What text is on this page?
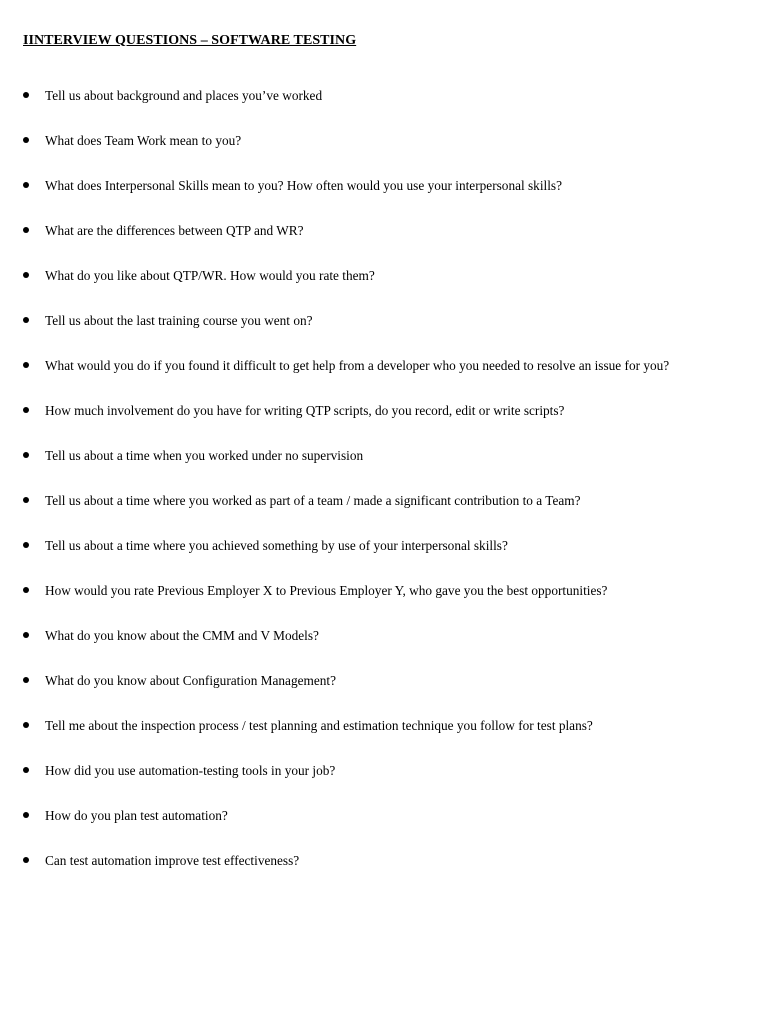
IINTERVIEW QUESTIONS – SOFTWARE TESTING
Tell us about background and places you’ve worked
What does Team Work mean to you?
What does Interpersonal Skills mean to you? How often would you use your interpersonal skills?
What are the differences between QTP and WR?
What do you like about QTP/WR. How would you rate them?
Tell us about the last training course you went on?
What would you do if you found it difficult to get help from a developer who you needed to resolve an issue for you?
How much involvement do you have for writing QTP scripts, do you record, edit or write scripts?
Tell us about a time when you worked under no supervision
Tell us about a time where you worked as part of a team / made a significant contribution to a Team?
Tell us about a time where you achieved something by use of your interpersonal skills?
How would you rate Previous Employer X to Previous Employer Y, who gave you the best opportunities?
What do you know about the CMM and V Models?
What do you know about Configuration Management?
Tell me about the inspection process / test planning and estimation technique you follow for test plans?
How did you use automation-testing tools in your job?
How do you plan test automation?
Can test automation improve test effectiveness?
